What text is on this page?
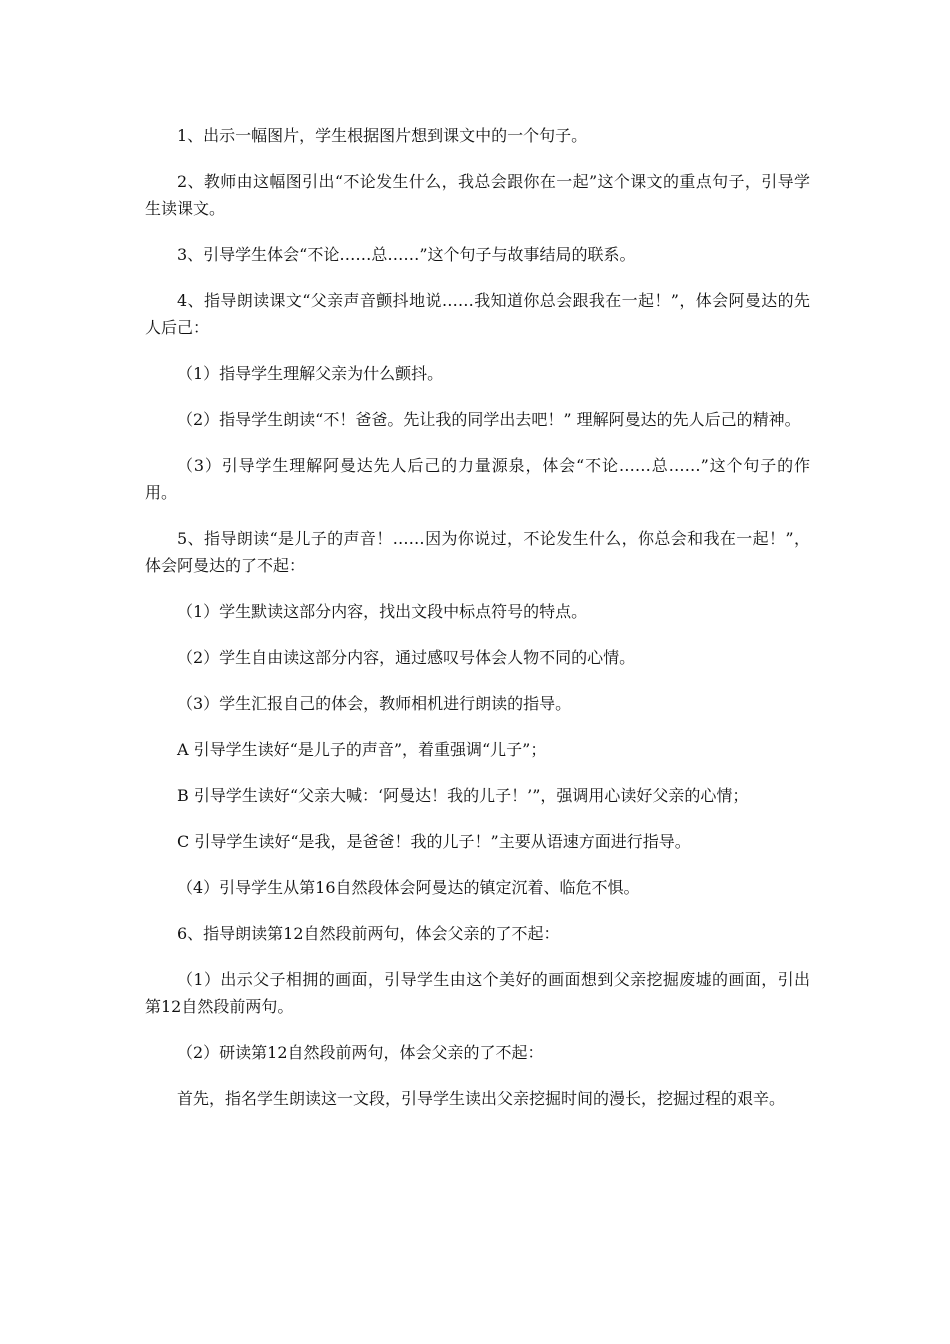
1、出示一幅图片，学生根据图片想到课文中的一个句子。

2、教师由这幅图引出“不论发生什么，我总会跟你在一起”这个课文的重点句子，引导学生读课文。

3、引导学生体会“不论……总……”这个句子与故事结局的联系。

4、指导朗读课文“父亲声音颤抖地说……我知道你总会跟我在一起！”，体会阿曼达的先人后己：

（1）指导学生理解父亲为什么颤抖。

（2）指导学生朗读“不！爸爸。先让我的同学出去吧！” 理解阿曼达的先人后己的精神。

（3）引导学生理解阿曼达先人后己的力量源泉，体会“不论……总……”这个句子的作用。

5、指导朗读“是儿子的声音！……因为你说过，不论发生什么，你总会和我在一起！”，体会阿曼达的了不起：

（1）学生默读这部分内容，找出文段中标点符号的特点。

（2）学生自由读这部分内容，通过感叹号体会人物不同的心情。

（3）学生汇报自己的体会，教师相机进行朗读的指导。

A 引导学生读好“是儿子的声音”，着重强调“儿子”；

B 引导学生读好“父亲大喊：‘阿曼达！我的儿子！’”，强调用心读好父亲的心情；

C 引导学生读好“是我，是爸爸！我的儿子！”主要从语速方面进行指导。

（4）引导学生从第16自然段体会阿曼达的镇定沉着、临危不惧。

6、指导朗读第12自然段前两句，体会父亲的了不起：

（1）出示父子相拥的画面，引导学生由这个美好的画面想到父亲挖掘废墟的画面，引出第12自然段前两句。

（2）研读第12自然段前两句，体会父亲的了不起：

首先，指名学生朗读这一文段，引导学生读出父亲挖掘时间的漫长，挖掘过程的艰辛。
